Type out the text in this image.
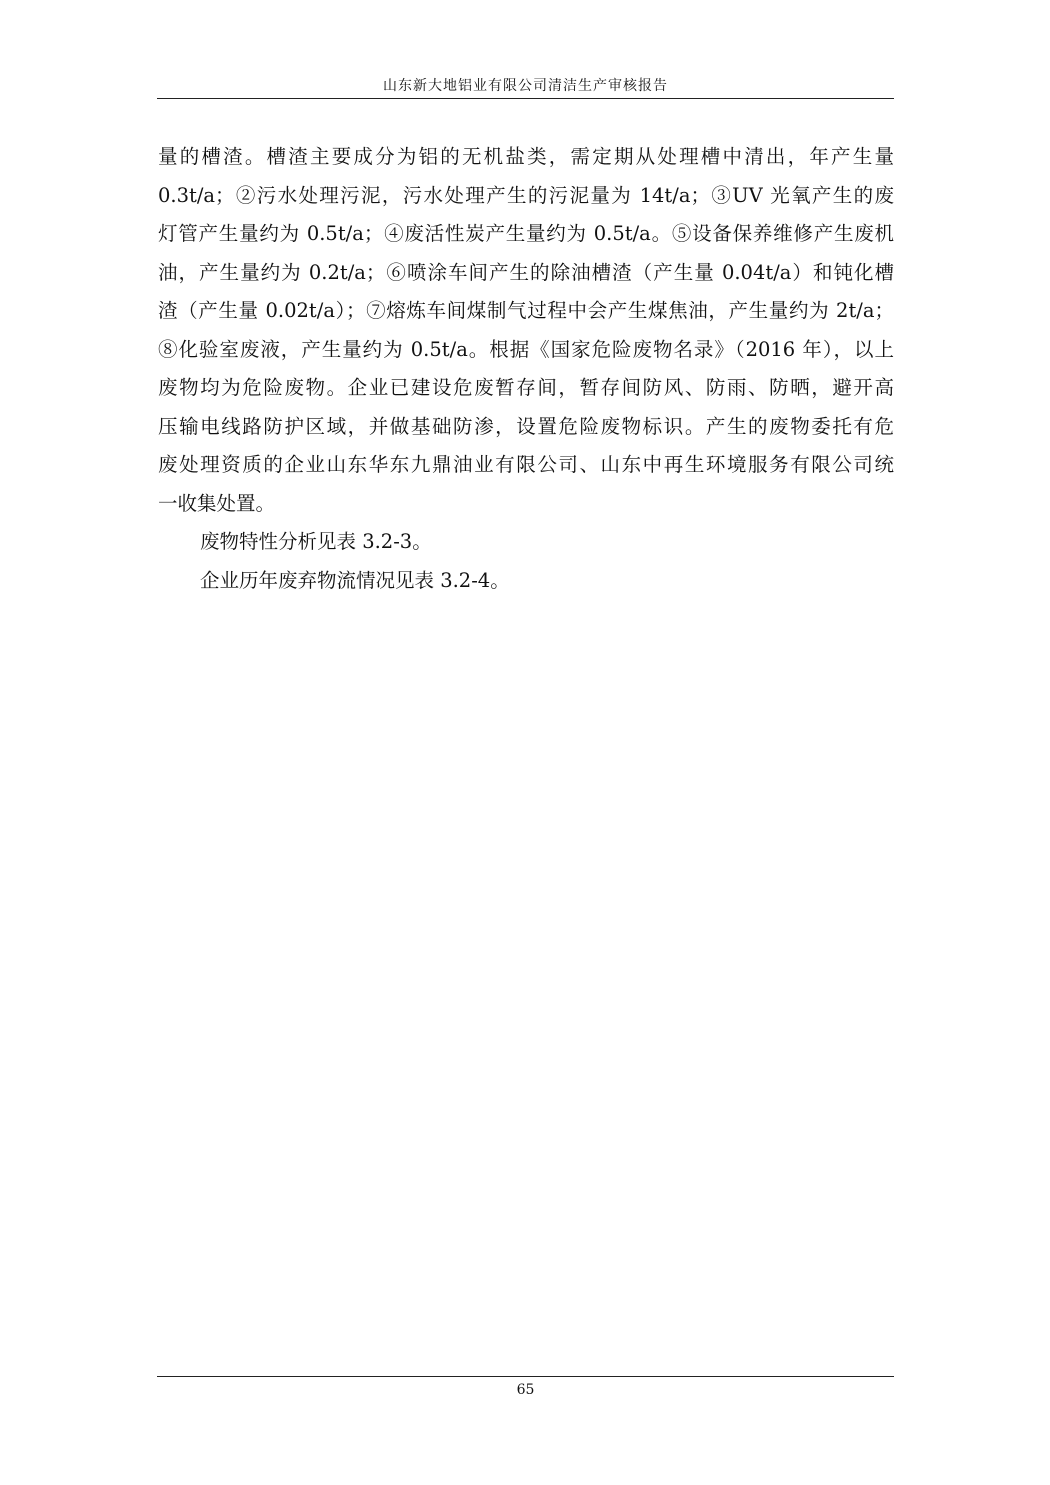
山东新大地铝业有限公司清洁生产审核报告
量的槽渣。槽渣主要成分为铝的无机盐类，需定期从处理槽中清出，年产生量
0.3t/a；②污水处理污泥，污水处理产生的污泥量为 14t/a；③UV 光氧产生的废
灯管产生量约为 0.5t/a；④废活性炭产生量约为 0.5t/a。⑤设备保养维修产生废机
油，产生量约为 0.2t/a；⑥喷涂车间产生的除油槽渣（产生量 0.04t/a）和钝化槽
渣（产生量 0.02t/a）；⑦熔炼车间煤制气过程中会产生煤焦油，产生量约为 2t/a；
⑧化验室废液，产生量约为 0.5t/a。根据《国家危险废物名录》（2016 年），以上
废物均为危险废物。企业已建设危废暂存间，暂存间防风、防雨、防晒，避开高
压输电线路防护区域，并做基础防渗，设置危险废物标识。产生的废物委托有危
废处理资质的企业山东华东九鼎油业有限公司、山东中再生环境服务有限公司统
一收集处置。
废物特性分析见表 3.2-3。
企业历年废弃物流情况见表 3.2-4。
65
